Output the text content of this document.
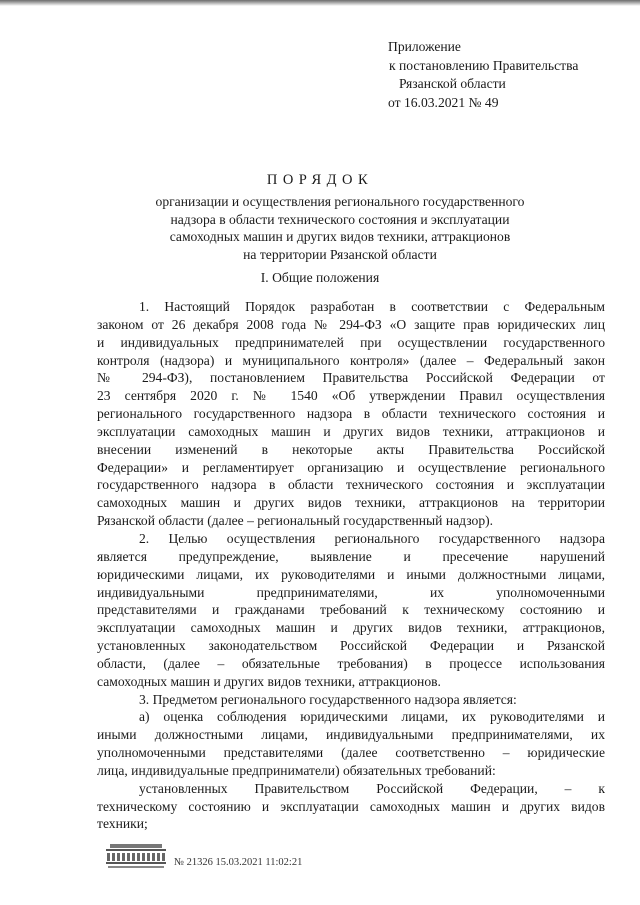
Приложение
к постановлению Правительства
Рязанской области
от 16.03.2021 № 49
ПОРЯДОК
организации и осуществления регионального государственного
надзора в области технического состояния и эксплуатации
самоходных машин и других видов техники, аттракционов
на территории Рязанской области
I. Общие положения
1. Настоящий Порядок разработан в соответствии с Федеральным
законом от 26 декабря 2008 года № 294-ФЗ «О защите прав юридических лиц
и индивидуальных предпринимателей при осуществлении государственного
контроля (надзора) и муниципального контроля» (далее – Федеральный закон
№ 294-ФЗ), постановлением Правительства Российской Федерации от
23 сентября 2020 г. № 1540 «Об утверждении Правил осуществления
регионального государственного надзора в области технического состояния и
эксплуатации самоходных машин и других видов техники, аттракционов и
внесении изменений в некоторые акты Правительства Российской
Федерации» и регламентирует организацию и осуществление регионального
государственного надзора в области технического состояния и эксплуатации
самоходных машин и других видов техники, аттракционов на территории
Рязанской области (далее – региональный государственный надзор).
2. Целью осуществления регионального государственного надзора
является предупреждение, выявление и пресечение нарушений
юридическими лицами, их руководителями и иными должностными лицами,
индивидуальными предпринимателями, их уполномоченными
представителями и гражданами требований к техническому состоянию и
эксплуатации самоходных машин и других видов техники, аттракционов,
установленных законодательством Российской Федерации и Рязанской
области, (далее – обязательные требования) в процессе использования
самоходных машин и других видов техники, аттракционов.
3. Предметом регионального государственного надзора является:
а) оценка соблюдения юридическими лицами, их руководителями и
иными должностными лицами, индивидуальными предпринимателями, их
уполномоченными представителями (далее соответственно – юридические
лица, индивидуальные предприниматели) обязательных требований:
установленных Правительством Российской Федерации, – к
техническому состоянию и эксплуатации самоходных машин и других видов
техники;
№ 21326 15.03.2021 11:02:21
